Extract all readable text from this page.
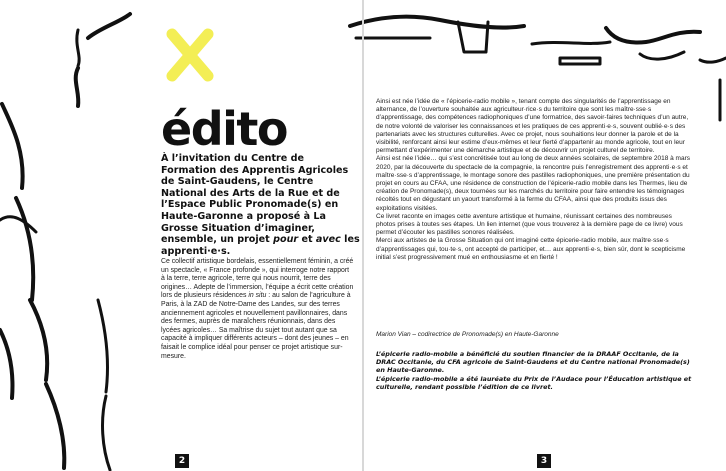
édito

À l’invitation du Centre de Formation des Apprentis Agricoles de Saint-Gaudens, le Centre National des Arts de la Rue et de l’Espace Public Pronomade(s) en Haute-Garonne a proposé à La Grosse Situation d’imaginer, ensemble, un projet pour et avec les apprenti·e·s.

Ce collectif artistique bordelais, essentiellement féminin, a créé un spectacle, « France profonde », qui interroge notre rapport à la terre, terre agricole, terre qui nous nourrit, terre des origines… Adepte de l’immersion, l’équipe a écrit cette création lors de plusieurs résidences in situ : au salon de l’agriculture à Paris, à la ZAD de Notre-Dame des Landes, sur des terres anciennement agricoles et nouvellement pavillonnaires, dans des fermes, auprès de maraîchers réunionnais, dans des lycées agricoles… Sa maîtrise du sujet tout autant que sa capacité à impliquer différents acteurs – dont des jeunes – en faisait le complice idéal pour penser ce projet artistique sur-mesure.

Ainsi est née l’idée de « l’épicerie-radio mobile », tenant compte des singularités de l’apprentissage en alternance, de l’ouverture souhaitée aux agriculteur·rice·s du territoire que sont les maître·sse·s d’apprentissage, des compétences radiophoniques d’une formatrice, des savoir-faires techniques d’un autre, de notre volonté de valoriser les connaissances et les pratiques de ces apprenti·e·s, souvent oublié·e·s des partenariats avec les structures culturelles. Avec ce projet, nous souhaitions leur donner la parole et de la visibilité, renforcant ainsi leur estime d’eux-mêmes et leur fierté d’appartenir au monde agricole, tout en leur permettant d’expérimenter une démarche artistique et de découvrir un projet culturel de territoire.

Ainsi est née l’idée… qui s’est concrétisée tout au long de deux années scolaires, de septembre 2018 à mars 2020, par la découverte du spectacle de la compagnie, la rencontre puis l’enregistrement des apprenti·e·s et maître·sse·s d’apprentissage, le montage sonore des pastilles radiophoniques, une première présentation du projet en cours au CFAA, une résidence de construction de l’épicerie-radio mobile dans les Thermes, lieu de création de Pronomade(s), deux tournées sur les marchés du territoire pour faire entendre les témoignages récoltés tout en dégustant un yaourt transformé à la ferme du CFAA, ainsi que des produits issus des exploitations visitées.

Ce livret raconte en images cette aventure artistique et humaine, réunissant certaines des nombreuses photos prises à toutes ses étapes. Un lien internet (que vous trouverez à la dernière page de ce livre) vous permet d’écouter les pastilles sonores réalisées.

Merci aux artistes de la Grosse Situation qui ont imaginé cette épicerie-radio mobile, aux maître·sse·s d’apprentissages qui, tou·te·s, ont accepté de participer, et… aux apprenti·e·s, bien sûr, dont le scepticisme initial s’est progressivement mué en enthousiasme et en fierté !

Marion Vian – codirectrice de Pronomade(s) en Haute-Garonne

L’épicerie radio-mobile a bénéficié du soutien financier de la DRAAF Occitanie, de la DRAC Occitanie, du CFA agricole de Saint-Gaudens et du Centre national Pronomade(s) en Haute-Garonne.

L’épicerie radio-mobile a été lauréate du Prix de l’Audace pour l’Éducation artistique et culturelle, rendant possible l’édition de ce livret.

2	3
